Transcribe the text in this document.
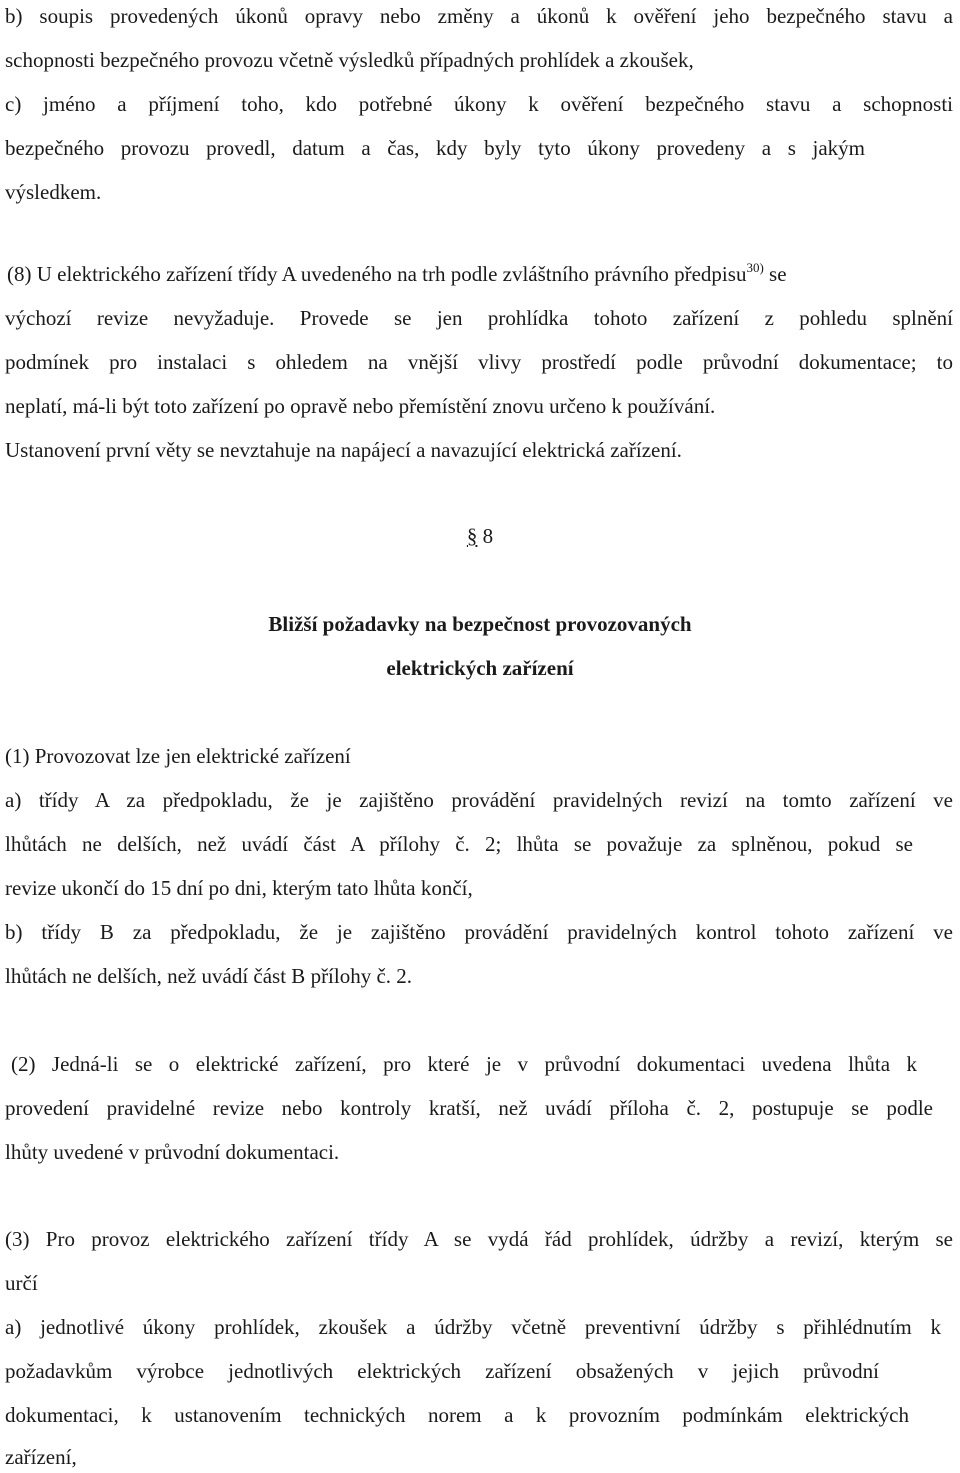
b) soupis provedených úkonů opravy nebo změny a úkonů k ověření jeho bezpečného stavu a
schopnosti bezpečného provozu včetně výsledků případných prohlídek a zkoušek,
c) jméno a příjmení toho, kdo potřebné úkony k ověření bezpečného stavu a schopnosti
bezpečného provozu provedl, datum a čas, kdy byly tyto úkony provedeny a s jakým
výsledkem.
(8) U elektrického zařízení třídy A uvedeného na trh podle zvláštního právního předpisu$^{30)}$ se
výchozí revize nevyžaduje. Provede se jen prohlídka tohoto zařízení z pohledu splnění
podmínek pro instalaci s ohledem na vnější vlivy prostředí podle průvodní dokumentace; to
neplatí, má-li být toto zařízení po opravě nebo přemístění znovu určeno k používání.
Ustanovení první věty se nevztahuje na napájecí a navazující elektrická zařízení.
§ 8
Bližší požadavky na bezpečnost provozovaných
elektrických zařízení
(1) Provozovat lze jen elektrické zařízení
a) třídy A za předpokladu, že je zajištěno provádění pravidelných revizí na tomto zařízení ve
lhůtách ne delších, než uvádí část A přílohy č. 2; lhůta se považuje za splněnou, pokud se
revize ukončí do 15 dní po dni, kterým tato lhůta končí,
b) třídy B za předpokladu, že je zajištěno provádění pravidelných kontrol tohoto zařízení ve
lhůtách ne delších, než uvádí část B přílohy č. 2.
(2) Jedná-li se o elektrické zařízení, pro které je v průvodní dokumentaci uvedena lhůta k
provedení pravidelné revize nebo kontroly kratší, než uvádí příloha č. 2, postupuje se podle
lhůty uvedené v průvodní dokumentaci.
(3) Pro provoz elektrického zařízení třídy A se vydá řád prohlídek, údržby a revizí, kterým se
určí
a) jednotlivé úkony prohlídek, zkoušek a údržby včetně preventivní údržby s přihlédnutím k
požadavkům výrobce jednotlivých elektrických zařízení obsažených v jejich průvodní
dokumentaci, k ustanovením technických norem a k provozním podmínkám elektrických
zařízení,
